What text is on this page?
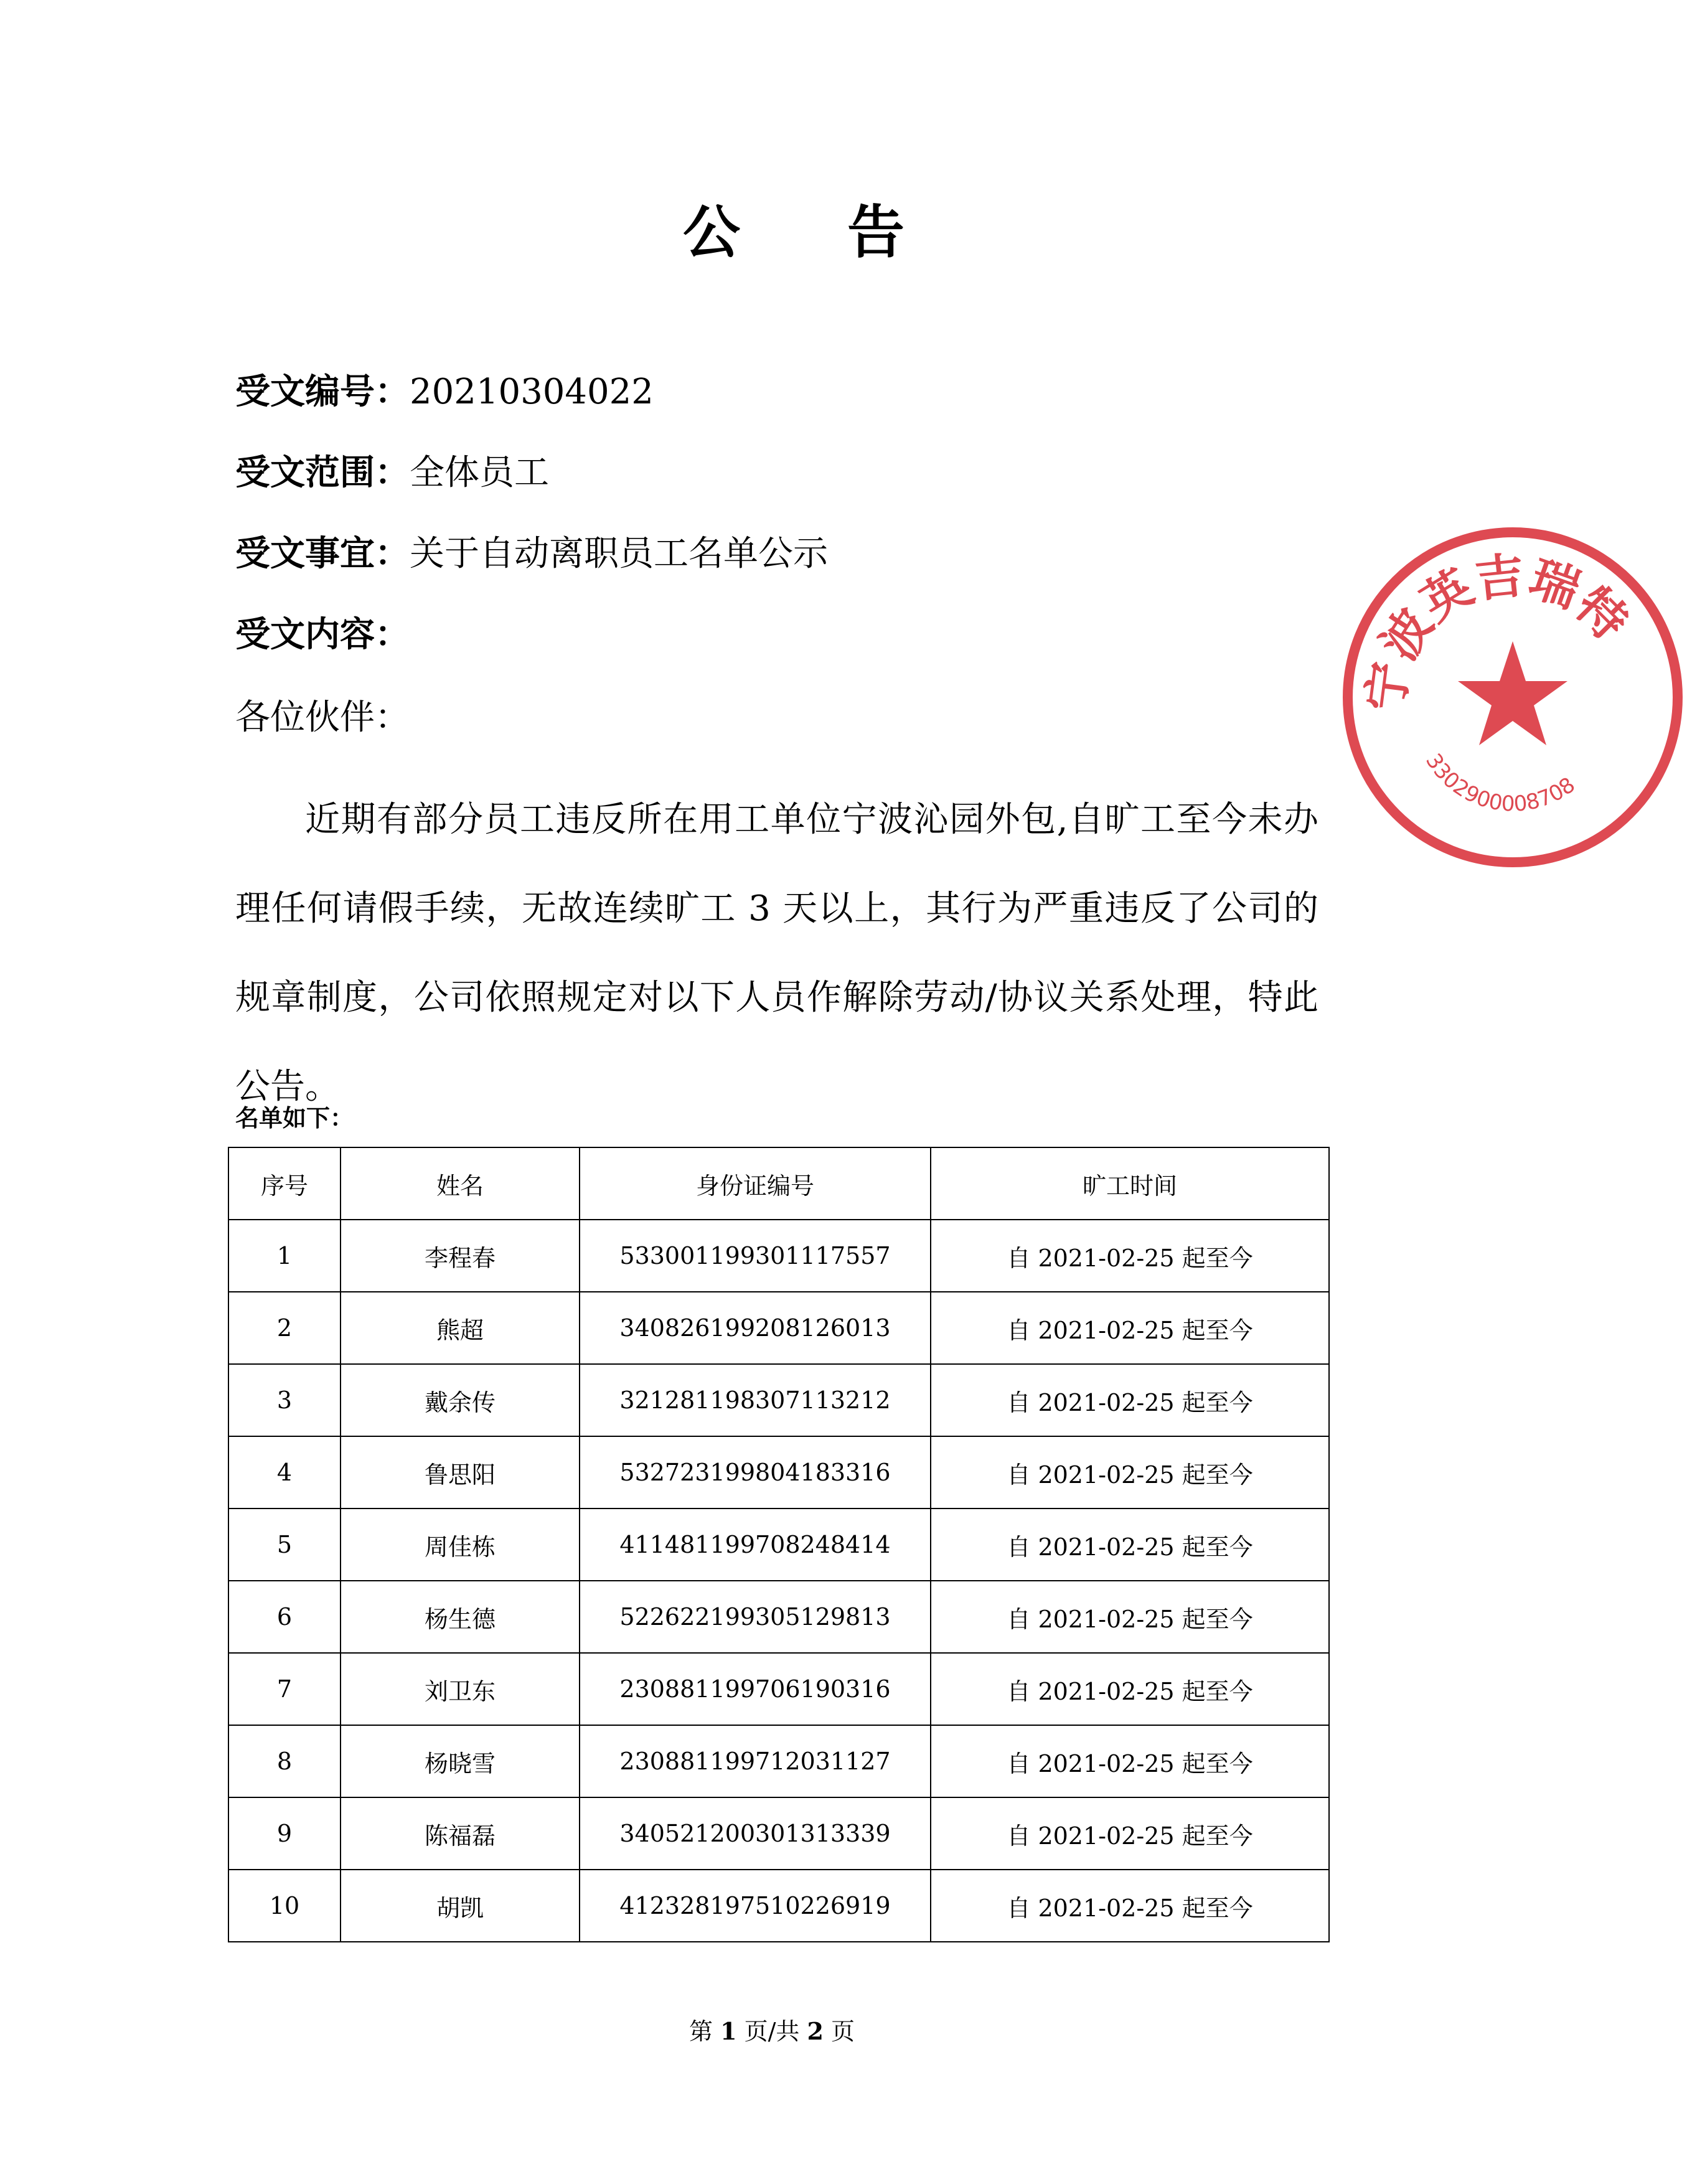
公 告
受文编号：20210304022
受文范围：全体员工
受文事宜：关于自动离职员工名单公示
受文内容：
各位伙伴：
近期有部分员工违反所在用工单位宁波沁园外包,自旷工至今未办理任何请假手续，无故连续旷工 3 天以上，其行为严重违反了公司的规章制度，公司依照规定对以下人员作解除劳动/协议关系处理，特此公告。
名单如下：
序号	姓名	身份证编号	旷工时间
1	李程春	533001199301117557	自 2021-02-25 起至今
2	熊超	340826199208126013	自 2021-02-25 起至今
3	戴余传	321281198307113212	自 2021-02-25 起至今
4	鲁思阳	532723199804183316	自 2021-02-25 起至今
5	周佳栋	411481199708248414	自 2021-02-25 起至今
6	杨生德	522622199305129813	自 2021-02-25 起至今
7	刘卫东	230881199706190316	自 2021-02-25 起至今
8	杨晓雪	230881199712031127	自 2021-02-25 起至今
9	陈福磊	340521200301313339	自 2021-02-25 起至今
10	胡凯	412328197510226919	自 2021-02-25 起至今
第 1 页/共 2 页
宁波英吉瑞特
3302900008708
